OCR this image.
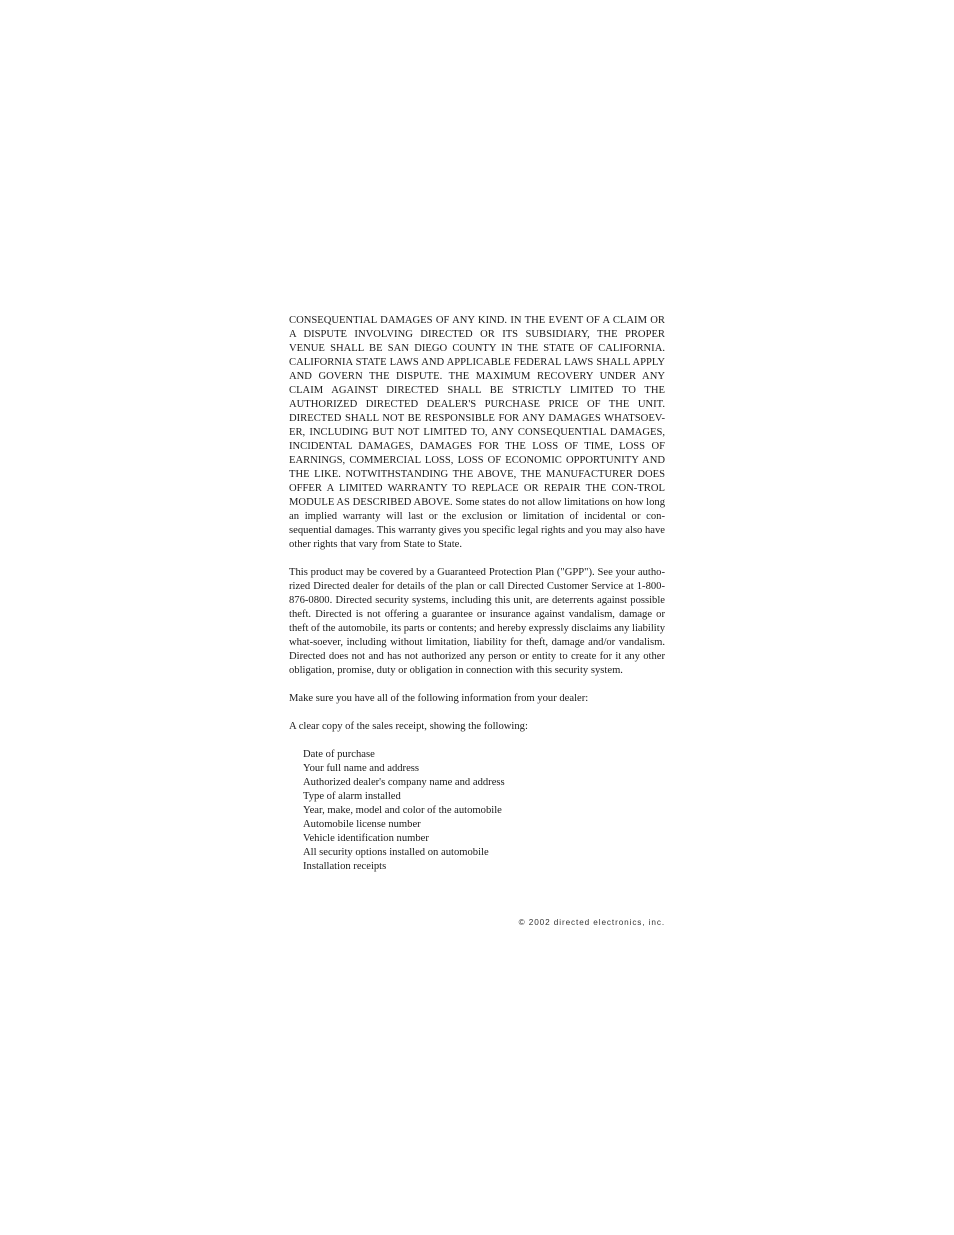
CONSEQUENTIAL DAMAGES OF ANY KIND. IN THE EVENT OF A CLAIM OR A DISPUTE INVOLVING DIRECTED OR ITS SUBSIDIARY, THE PROPER VENUE SHALL BE SAN DIEGO COUNTY IN THE STATE OF CALIFORNIA. CALIFORNIA STATE LAWS AND APPLICABLE FEDERAL LAWS SHALL APPLY AND GOVERN THE DISPUTE. THE MAXIMUM RECOVERY UNDER ANY CLAIM AGAINST DIRECTED SHALL BE STRICTLY LIMITED TO THE AUTHORIZED DIRECTED DEALER'S PURCHASE PRICE OF THE UNIT. DIRECTED SHALL NOT BE RESPONSIBLE FOR ANY DAMAGES WHATSOEV-ER, INCLUDING BUT NOT LIMITED TO, ANY CONSEQUENTIAL DAMAGES, INCIDENTAL DAMAGES, DAMAGES FOR THE LOSS OF TIME, LOSS OF EARNINGS, COMMERCIAL LOSS, LOSS OF ECONOMIC OPPORTUNITY AND THE LIKE. NOTWITHSTANDING THE ABOVE, THE MANUFACTURER DOES OFFER A LIMITED WARRANTY TO REPLACE OR REPAIR THE CON-TROL MODULE AS DESCRIBED ABOVE. Some states do not allow limitations on how long an implied warranty will last or the exclusion or limitation of incidental or con-sequential damages. This warranty gives you specific legal rights and you may also have other rights that vary from State to State.

This product may be covered by a Guaranteed Protection Plan ("GPP"). See your autho-rized Directed dealer for details of the plan or call Directed Customer Service at 1-800-876-0800. Directed security systems, including this unit, are deterrents against possible theft. Directed is not offering a guarantee or insurance against vandalism, damage or theft of the automobile, its parts or contents; and hereby expressly disclaims any liability what-soever, including without limitation, liability for theft, damage and/or vandalism. Directed does not and has not authorized any person or entity to create for it any other obligation, promise, duty or obligation in connection with this security system.

Make sure you have all of the following information from your dealer:

A clear copy of the sales receipt, showing the following:

Date of purchase
Your full name and address
Authorized dealer's company name and address
Type of alarm installed
Year, make, model and color of the automobile
Automobile license number
Vehicle identification number
All security options installed on automobile
Installation receipts
© 2002 directed electronics, inc.
